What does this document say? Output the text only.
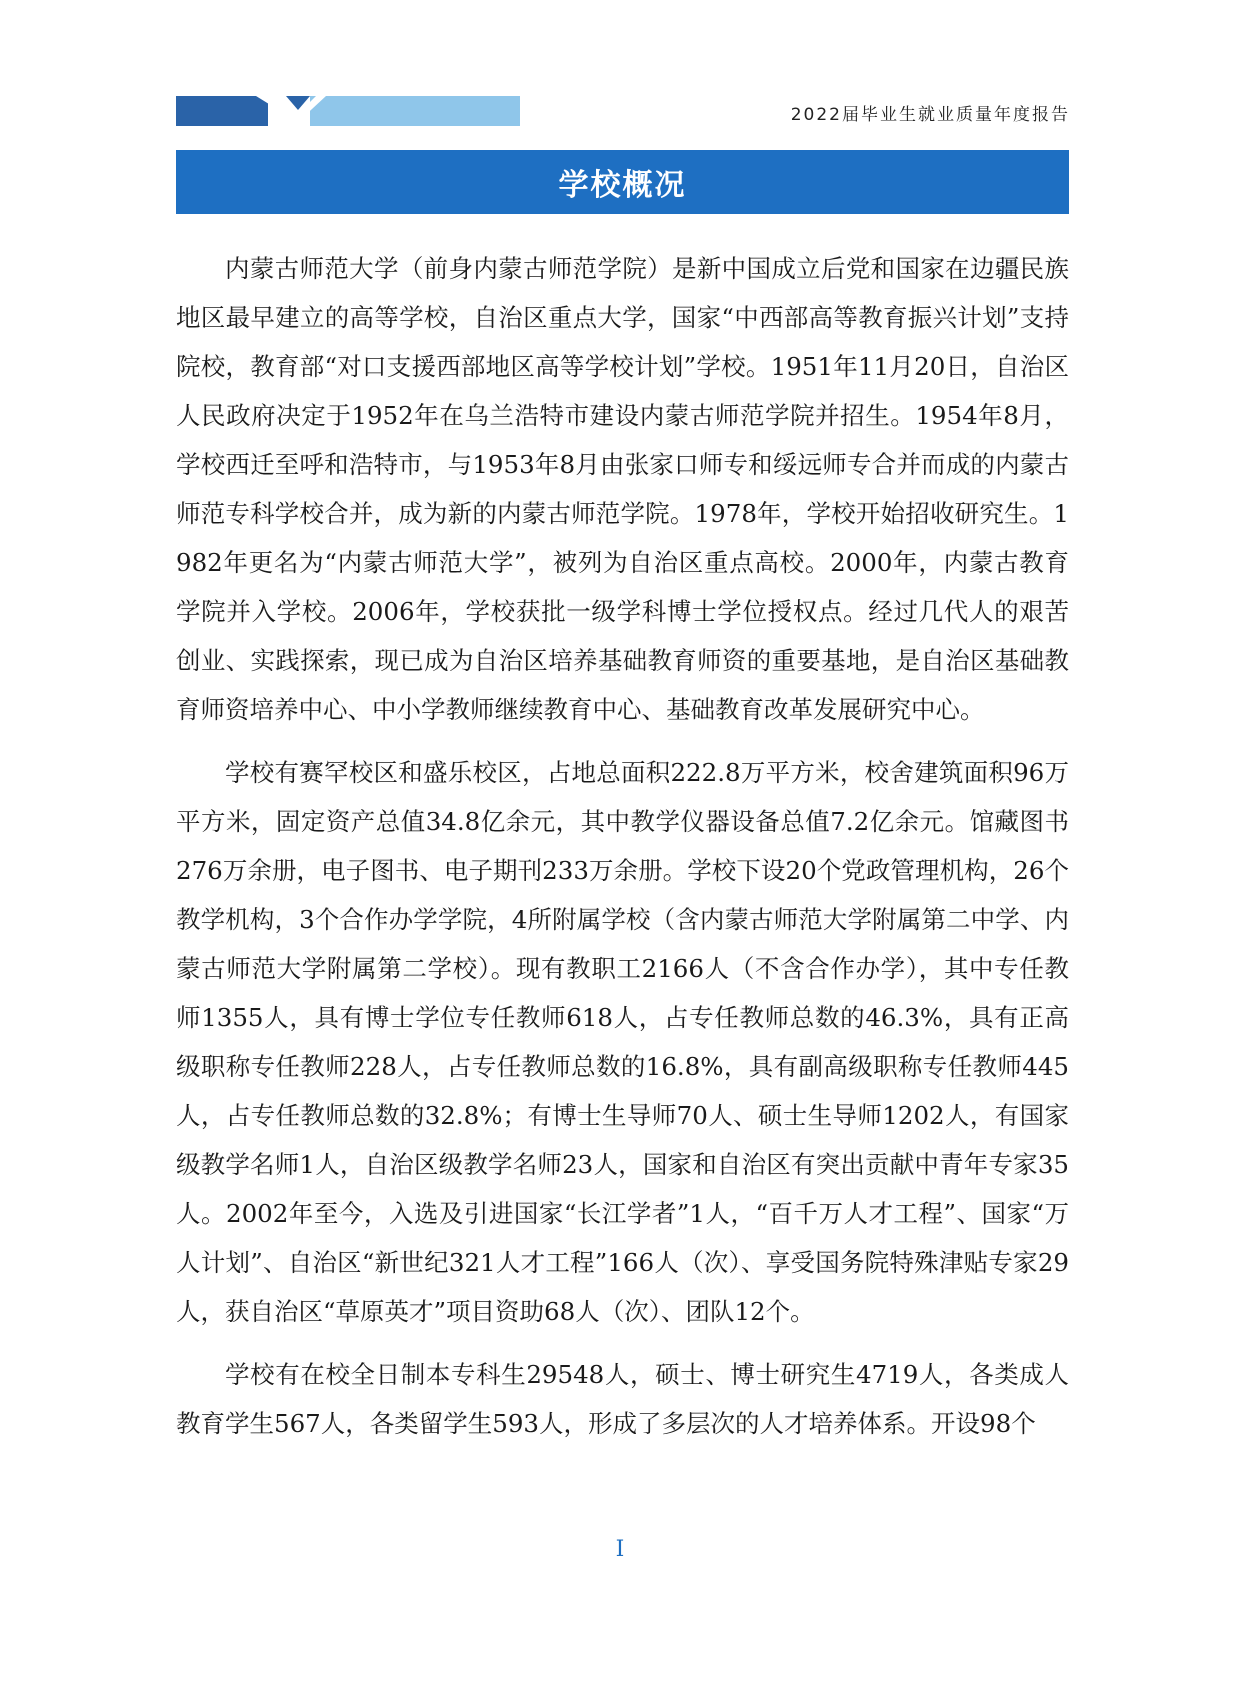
2022届毕业生就业质量年度报告
学校概况

内蒙古师范大学（前身内蒙古师范学院）是新中国成立后党和国家在边疆民族地区最早建立的高等学校，自治区重点大学，国家“中西部高等教育振兴计划”支持院校，教育部“对口支援西部地区高等学校计划”学校。1951年11月20日，自治区人民政府决定于1952年在乌兰浩特市建设内蒙古师范学院并招生。1954年8月，学校西迁至呼和浩特市，与1953年8月由张家口师专和绥远师专合并而成的内蒙古师范专科学校合并，成为新的内蒙古师范学院。1978年，学校开始招收研究生。1982年更名为“内蒙古师范大学”，被列为自治区重点高校。2000年，内蒙古教育学院并入学校。2006年，学校获批一级学科博士学位授权点。经过几代人的艰苦创业、实践探索，现已成为自治区培养基础教育师资的重要基地，是自治区基础教育师资培养中心、中小学教师继续教育中心、基础教育改革发展研究中心。

学校有赛罕校区和盛乐校区，占地总面积222.8万平方米，校舍建筑面积96万平方米，固定资产总值34.8亿余元，其中教学仪器设备总值7.2亿余元。馆藏图书276万余册，电子图书、电子期刊233万余册。学校下设20个党政管理机构，26个教学机构，3个合作办学学院，4所附属学校（含内蒙古师范大学附属第二中学、内蒙古师范大学附属第二学校）。现有教职工2166人（不含合作办学），其中专任教师1355人，具有博士学位专任教师618人，占专任教师总数的46.3%，具有正高级职称专任教师228人，占专任教师总数的16.8%，具有副高级职称专任教师445人，占专任教师总数的32.8%；有博士生导师70人、硕士生导师1202人，有国家级教学名师1人，自治区级教学名师23人，国家和自治区有突出贡献中青年专家35人。2002年至今，入选及引进国家“长江学者”1人，“百千万人才工程”、国家“万人计划”、自治区“新世纪321人才工程”166人（次）、享受国务院特殊津贴专家29人，获自治区“草原英才”项目资助68人（次）、团队12个。

学校有在校全日制本专科生29548人，硕士、博士研究生4719人，各类成人教育学生567人，各类留学生593人，形成了多层次的人才培养体系。开设98个

I
